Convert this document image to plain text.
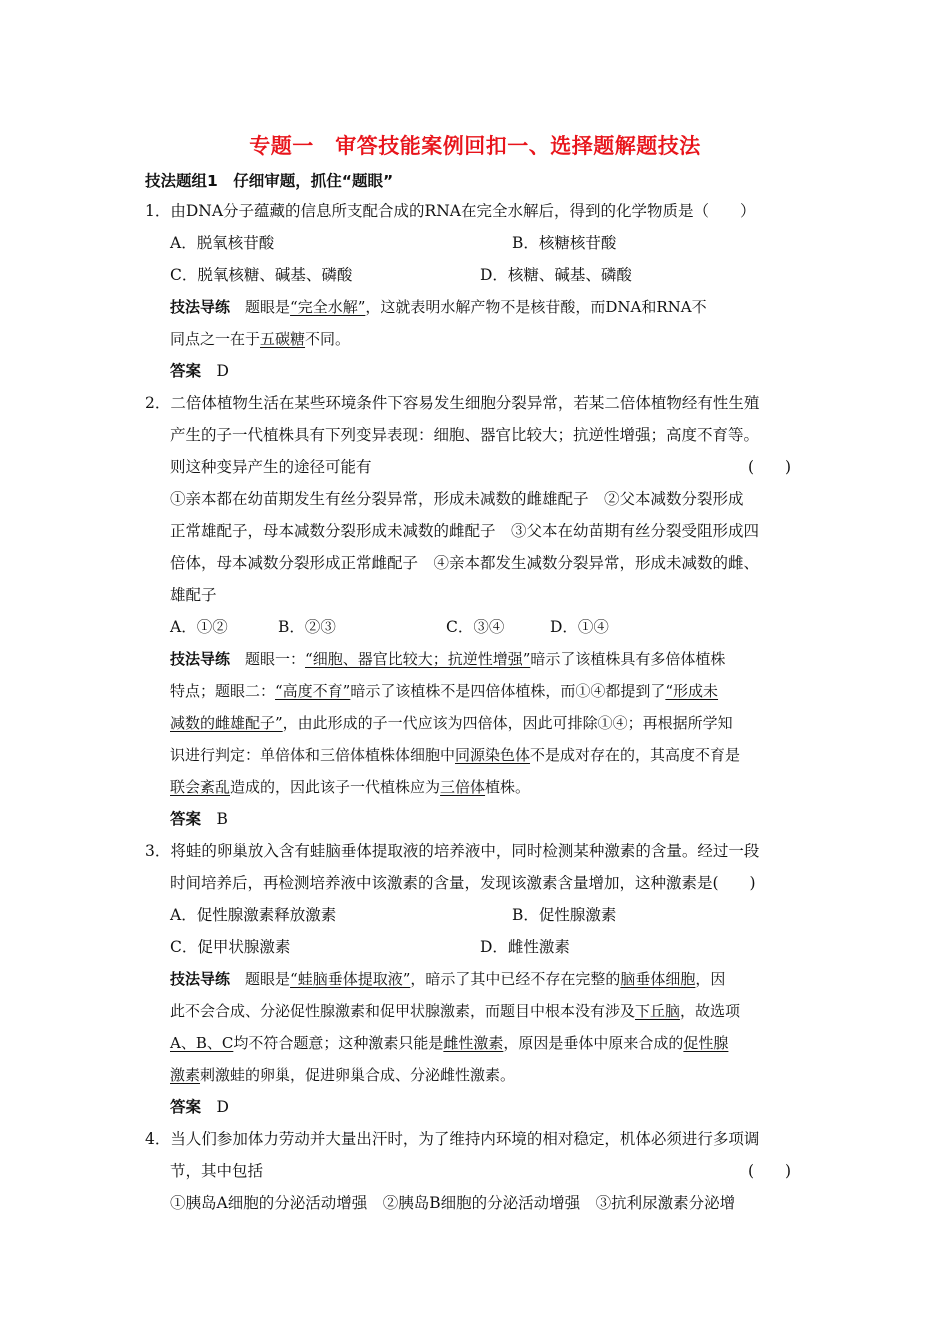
专题一　审答技能案例回扣一、选择题解题技法
技法题组1　仔细审题，抓住“题眼”
1．由DNA分子蕴藏的信息所支配合成的RNA在完全水解后，得到的化学物质是（　　）
A．脱氧核苷酸	B．核糖核苷酸
C．脱氧核糖、碱基、磷酸	D．核糖、碱基、磷酸
技法导练　题眼是“完全水解”，这就表明水解产物不是核苷酸，而DNA和RNA不
同点之一在于五碳糖不同。
答案　 D
2．二倍体植物生活在某些环境条件下容易发生细胞分裂异常，若某二倍体植物经有性生殖
产生的子一代植株具有下列变异表现：细胞、器官比较大；抗逆性增强；高度不育等。
则这种变异产生的途径可能有	(　　)
①亲本都在幼苗期发生有丝分裂异常，形成未减数的雌雄配子　②父本减数分裂形成
正常雄配子，母本减数分裂形成未减数的雌配子　③父本在幼苗期有丝分裂受阻形成四
倍体，母本减数分裂形成正常雌配子　④亲本都发生减数分裂异常，形成未减数的雌、
雄配子
A．①②	B．②③	C．③④	D．①④
技法导练　题眼一：“细胞、器官比较大；抗逆性增强”暗示了该植株具有多倍体植株
特点；题眼二：“高度不育”暗示了该植株不是四倍体植株，而①④都提到了“形成未
减数的雌雄配子”，由此形成的子一代应该为四倍体，因此可排除①④；再根据所学知
识进行判定：单倍体和三倍体植株体细胞中同源染色体不是成对存在的，其高度不育是
联会紊乱造成的，因此该子一代植株应为三倍体植株。
答案　 B
3．将蛙的卵巢放入含有蛙脑垂体提取液的培养液中，同时检测某种激素的含量。经过一段
时间培养后，再检测培养液中该激素的含量，发现该激素含量增加，这种激素是(　　)
A．促性腺激素释放激素	B．促性腺激素
C．促甲状腺激素	D．雌性激素
技法导练　题眼是“蛙脑垂体提取液”，暗示了其中已经不存在完整的脑垂体细胞，因
此不会合成、分泌促性腺激素和促甲状腺激素，而题目中根本没有涉及下丘脑，故选项
A、B、C均不符合题意；这种激素只能是雌性激素，原因是垂体中原来合成的促性腺
激素刺激蛙的卵巢，促进卵巢合成、分泌雌性激素。
答案　 D
4．当人们参加体力劳动并大量出汗时，为了维持内环境的相对稳定，机体必须进行多项调
节，其中包括	(　　)
①胰岛A细胞的分泌活动增强　②胰岛B细胞的分泌活动增强　③抗利尿激素分泌增
